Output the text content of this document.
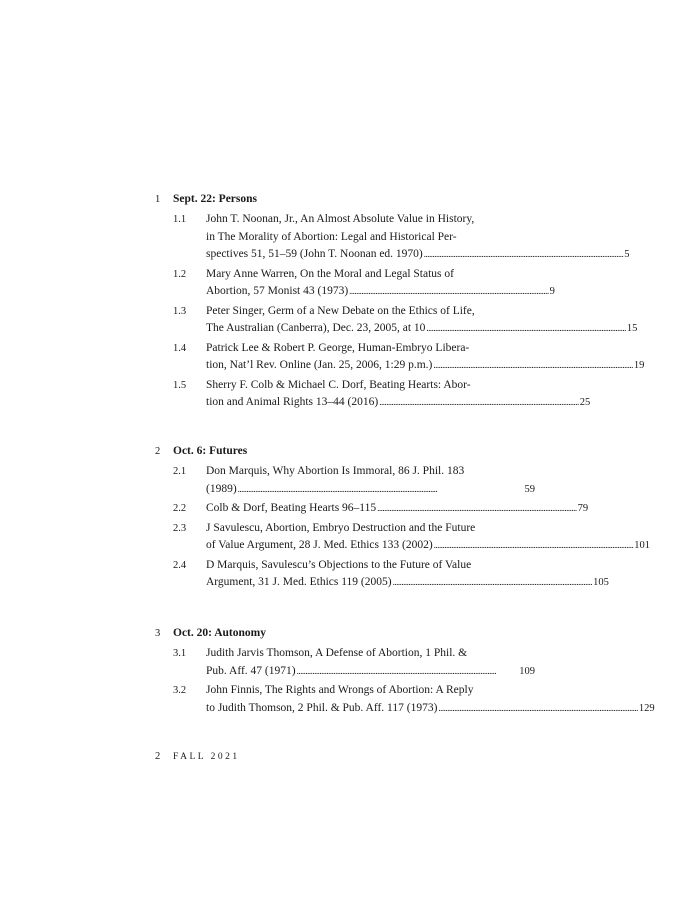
1	Sept. 22: Persons
1.1	John T. Noonan, Jr., An Almost Absolute Value in History,
in The Morality of Abortion: Legal and Historical Per-
spectives 51, 51–59 (John T. Noonan ed. 1970) .................................................................................................................. 5
1.2	Mary Anne Warren, On the Moral and Legal Status of
Abortion, 57 Monist 43 (1973) .................................................................................................................. 9
1.3	Peter Singer, Germ of a New Debate on the Ethics of Life,
The Australian (Canberra), Dec. 23, 2005, at 10 .................................................................................................................. 15
1.4	Patrick Lee & Robert P. George, Human-Embryo Libera-
tion, Nat’l Rev. Online (Jan. 25, 2006, 1:29 p.m.) .................................................................................................................. 19
1.5	Sherry F. Colb & Michael C. Dorf, Beating Hearts: Abor-
tion and Animal Rights 13–44 (2016) .................................................................................................................. 25
2	Oct. 6: Futures
2.1	Don Marquis, Why Abortion Is Immoral, 86 J. Phil. 183
(1989) ..................................................................................................................	59
2.2	Colb & Dorf, Beating Hearts 96–115 .................................................................................................................. 79
2.3	J Savulescu, Abortion, Embryo Destruction and the Future
of Value Argument, 28 J. Med. Ethics 133 (2002) .................................................................................................................. 101
2.4	D Marquis, Savulescu’s Objections to the Future of Value
Argument, 31 J. Med. Ethics 119 (2005) .................................................................................................................. 105
3	Oct. 20: Autonomy
3.1	Judith Jarvis Thomson, A Defense of Abortion, 1 Phil. &
Pub. Aff. 47 (1971) ..................................................................................................................	109
3.2	John Finnis, The Rights and Wrongs of Abortion: A Reply
to Judith Thomson, 2 Phil. & Pub. Aff. 117 (1973) .................................................................................................................. 129
2	FALL 2021
